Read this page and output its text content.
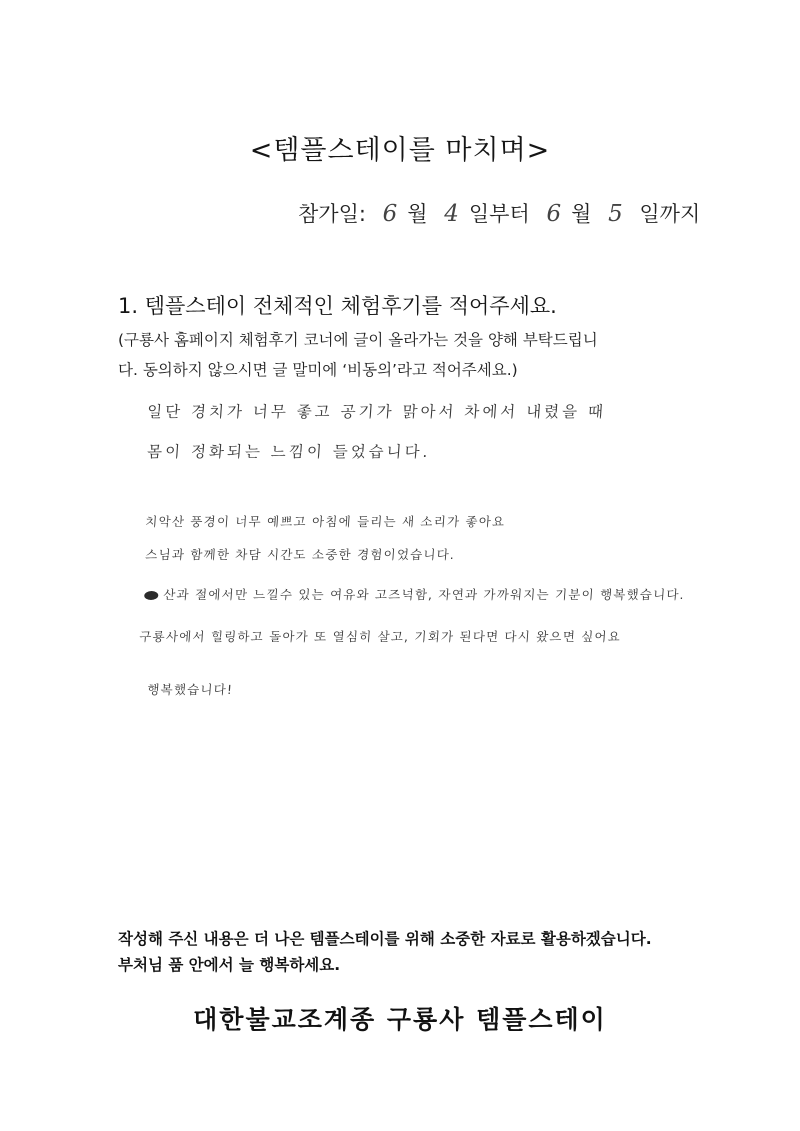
<템플스테이를 마치며>
참가일: 6 월 4 일부터 6 월 5 일까지
1. 템플스테이 전체적인 체험후기를 적어주세요.
(구룡사 홈페이지 체험후기 코너에 글이 올라가는 것을 양해 부탁드립니
다. 동의하지 않으시면 글 말미에 ‘비동의’라고 적어주세요.)
일단 경치가 너무 좋고 공기가 맑아서 차에서 내렸을 때
몸이 정화되는 느낌이 들었습니다.
치악산 풍경이 너무 예쁘고 아침에 들리는 새 소리가 좋아요
스님과 함께한 차담 시간도 소중한 경험이었습니다.
산과 절에서만 느낄수 있는 여유와 고즈넉함, 자연과 가까워지는 기분이 행복했습니다.
구룡사에서 힐링하고 돌아가 또 열심히 살고, 기회가 된다면 다시 왔으면 싶어요
행복했습니다!
작성해 주신 내용은 더 나은 템플스테이를 위해 소중한 자료로 활용하겠습니다.
부처님 품 안에서 늘 행복하세요.
대한불교조계종 구룡사 템플스테이
